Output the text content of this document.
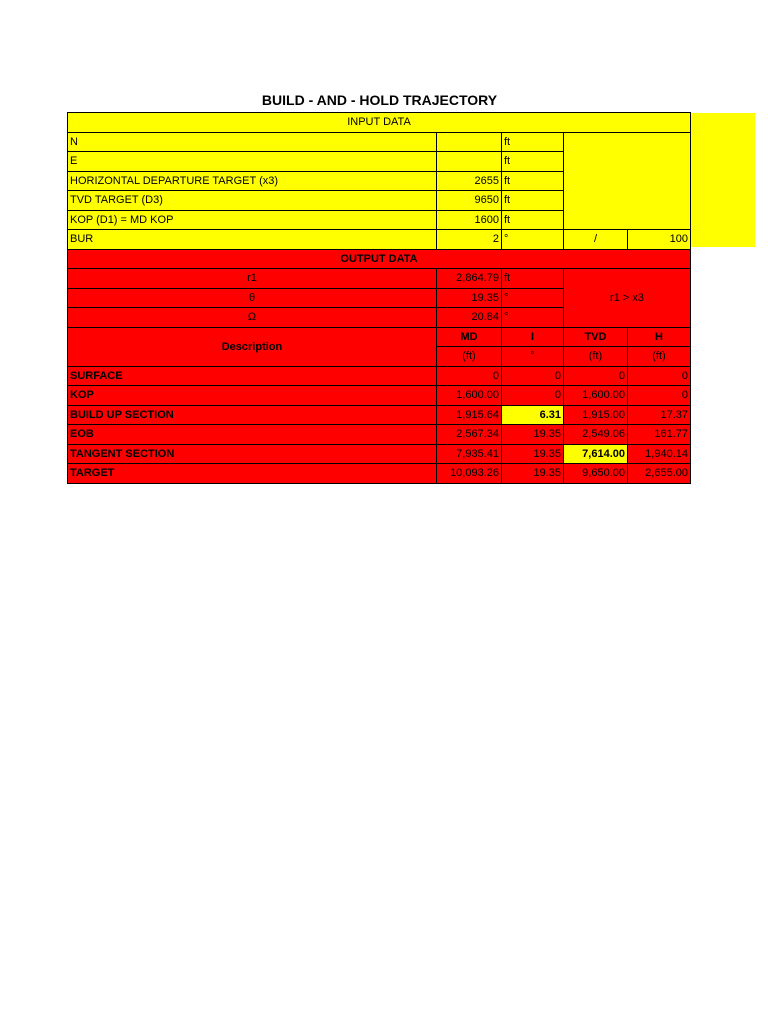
BUILD - AND - HOLD TRAJECTORY
INPUT DATA				
N		ft		
E		ft		
HORIZONTAL DEPARTURE TARGET (x3)	2655	ft		
TVD TARGET (D3)	9650	ft		
KOP (D1) = MD KOP	1600	ft		
BUR	2	°	/	100
OUTPUT DATA				
r1	2,864.79	ft	r1 > x3	
θ	19.35	°		
Ω	20.84	°		
Description	MD	I	TVD	H
	(ft)	°	(ft)	(ft)
SURFACE	0	0	0	0
KOP	1,600.00	0	1,600.00	0
BUILD UP SECTION	1,915.64	6.31	1,915.00	17.37
EOB	2,567.34	19.35	2,549.06	161.77
TANGENT SECTION	7,935.41	19.35	7,614.00	1,940.14
TARGET	10,093.26	19.35	9,650.00	2,655.00
